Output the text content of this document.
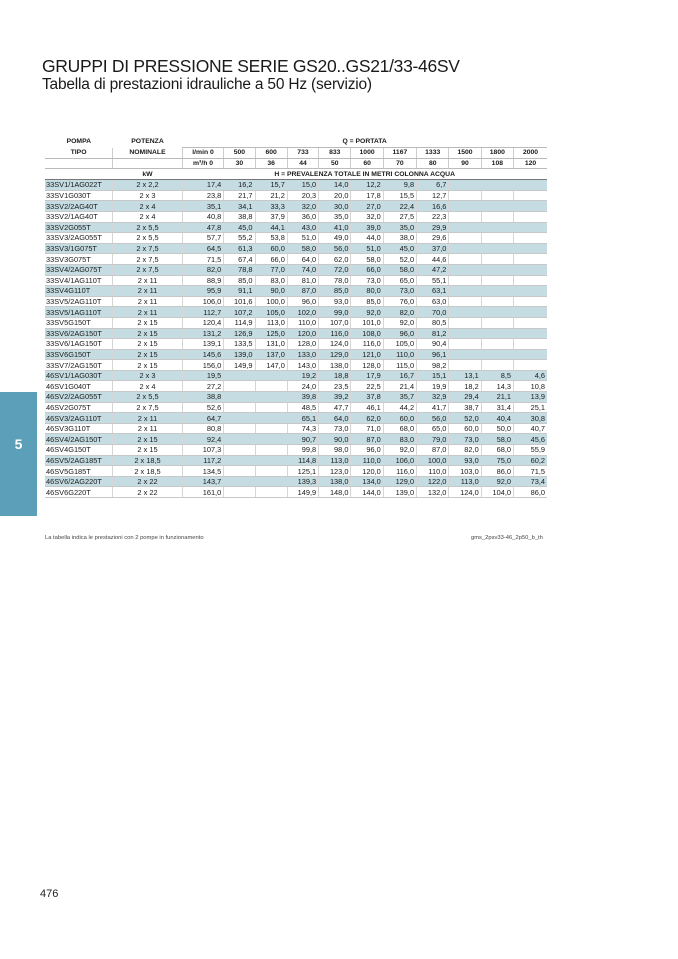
GRUPPI DI PRESSIONE SERIE GS20..GS21/33-46SV
Tabella di prestazioni idrauliche a 50 Hz (servizio)
5
POMPA	POTENZA	Q = PORTATA										
TIPO	NOMINALE	l/min 0	500	600	733	833	1000	1167	1333	1500	1800	2000
		m³/h 0	30	36	44	50	60	70	80	90	108	120
	kW	H = PREVALENZA TOTALE IN METRI COLONNA ACQUA										
33SV1/1AG022T	2 x 2,2	17,4	16,2	15,7	15,0	14,0	12,2	9,8	6,7			
33SV1G030T	2 x 3	23,8	21,7	21,2	20,3	20,0	17,8	15,5	12,7			
33SV2/2AG40T	2 x 4	35,1	34,1	33,3	32,0	30,0	27,0	22,4	16,6			
33SV2/1AG40T	2 x 4	40,8	38,8	37,9	36,0	35,0	32,0	27,5	22,3			
33SV2G055T	2 x 5,5	47,8	45,0	44,1	43,0	41,0	39,0	35,0	29,9			
33SV3/2AG055T	2 x 5,5	57,7	55,2	53,8	51,0	49,0	44,0	38,0	29,6			
33SV3/1G075T	2 x 7,5	64,5	61,3	60,0	58,0	56,0	51,0	45,0	37,0			
33SV3G075T	2 x 7,5	71,5	67,4	66,0	64,0	62,0	58,0	52,0	44,6			
33SV4/2AG075T	2 x 7,5	82,0	78,8	77,0	74,0	72,0	66,0	58,0	47,2			
33SV4/1AG110T	2 x 11	88,9	85,0	83,0	81,0	78,0	73,0	65,0	55,1			
33SV4G110T	2 x 11	95,9	91,1	90,0	87,0	85,0	80,0	73,0	63,1			
33SV5/2AG110T	2 x 11	106,0	101,6	100,0	96,0	93,0	85,0	76,0	63,0			
33SV5/1AG110T	2 x 11	112,7	107,2	105,0	102,0	99,0	92,0	82,0	70,0			
33SV5G150T	2 x 15	120,4	114,9	113,0	110,0	107,0	101,0	92,0	80,5			
33SV6/2AG150T	2 x 15	131,2	126,9	125,0	120,0	116,0	108,0	96,0	81,2			
33SV6/1AG150T	2 x 15	139,1	133,5	131,0	128,0	124,0	116,0	105,0	90,4			
33SV6G150T	2 x 15	145,6	139,0	137,0	133,0	129,0	121,0	110,0	96,1			
33SV7/2AG150T	2 x 15	156,0	149,9	147,0	143,0	138,0	128,0	115,0	98,2			
46SV1/1AG030T	2 x 3	19,5			19,2	18,8	17,9	16,7	15,1	13,1	8,5	4,6
46SV1G040T	2 x 4	27,2			24,0	23,5	22,5	21,4	19,9	18,2	14,3	10,8
46SV2/2AG055T	2 x 5,5	38,8			39,8	39,2	37,8	35,7	32,9	29,4	21,1	13,9
46SV2G075T	2 x 7,5	52,6			48,5	47,7	46,1	44,2	41,7	38,7	31,4	25,1
46SV3/2AG110T	2 x 11	64,7			65,1	64,0	62,0	60,0	56,0	52,0	40,4	30,8
46SV3G110T	2 x 11	80,8			74,3	73,0	71,0	68,0	65,0	60,0	50,0	40,7
46SV4/2AG150T	2 x 15	92,4			90,7	90,0	87,0	83,0	79,0	73,0	58,0	45,6
46SV4G150T	2 x 15	107,3			99,8	98,0	96,0	92,0	87,0	82,0	68,0	55,9
46SV5/2AG185T	2 x 18,5	117,2			114,8	113,0	110,0	106,0	100,0	93,0	75,0	60,2
46SV5G185T	2 x 18,5	134,5			125,1	123,0	120,0	116,0	110,0	103,0	86,0	71,5
46SV6/2AG220T	2 x 22	143,7			139,3	138,0	134,0	129,0	122,0	113,0	92,0	73,4
46SV6G220T	2 x 22	161,0			149,9	148,0	144,0	139,0	132,0	124,0	104,0	86,0
La tabella indica le prestazioni con 2 pompe in funzionamento	gms_2psv33-46_2p50_b_th
476
